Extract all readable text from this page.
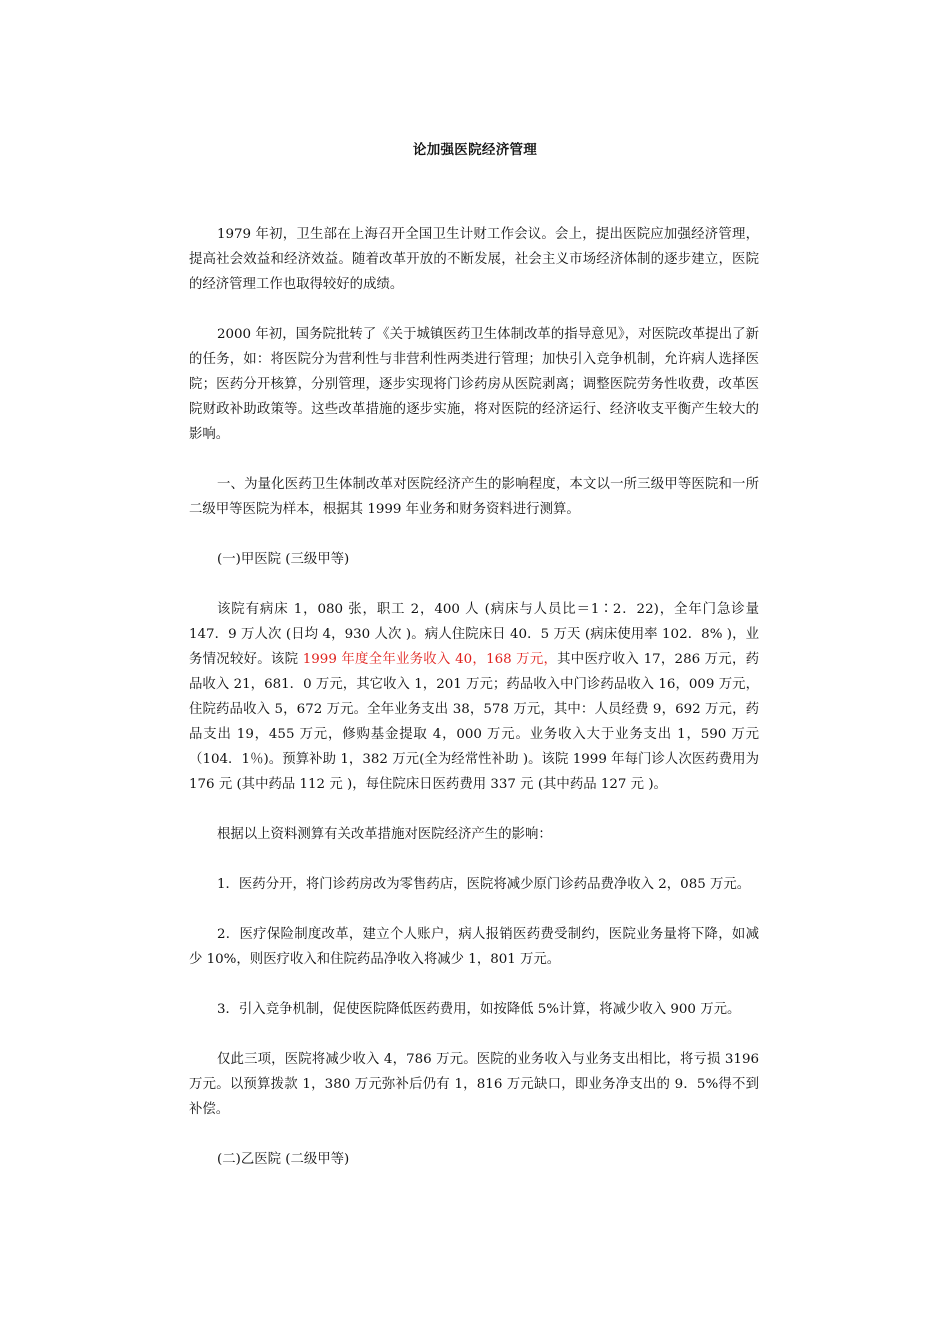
论加强医院经济管理

1979 年初，卫生部在上海召开全国卫生计财工作会议。会上，提出医院应加强经济管理，提高社会效益和经济效益。随着改革开放的不断发展，社会主义市场经济体制的逐步建立，医院的经济管理工作也取得较好的成绩。

2000 年初，国务院批转了《关于城镇医药卫生体制改革的指导意见》，对医院改革提出了新的任务，如：将医院分为营利性与非营利性两类进行管理；加快引入竞争机制，允许病人选择医院；医药分开核算，分别管理，逐步实现将门诊药房从医院剥离；调整医院劳务性收费，改革医院财政补助政策等。这些改革措施的逐步实施，将对医院的经济运行、经济收支平衡产生较大的影响。

一、为量化医药卫生体制改革对医院经济产生的影响程度，本文以一所三级甲等医院和一所二级甲等医院为样本，根据其 1999 年业务和财务资料进行测算。

(一)甲医院 (三级甲等)

该院有病床 1，080 张，职工 2，400 人 (病床与人员比＝1∶2．22)，全年门急诊量 147．9 万人次 (日均 4，930 人次 )。病人住院床日 40．5 万天 (病床使用率 102．8% )，业务情况较好。该院 1999 年度全年业务收入 40，168 万元，其中医疗收入 17，286 万元，药品收入 21，681．0 万元，其它收入 1，201 万元；药品收入中门诊药品收入 16，009 万元，住院药品收入 5，672 万元。全年业务支出 38，578 万元，其中：人员经费 9，692 万元，药品支出 19，455 万元，修购基金提取 4，000 万元。业务收入大于业务支出 1，590 万元（104．1％)。预算补助 1，382 万元(全为经常性补助 )。该院 1999 年每门诊人次医药费用为 176 元 (其中药品 112 元 )，每住院床日医药费用 337 元 (其中药品 127 元 )。

根据以上资料测算有关改革措施对医院经济产生的影响：

1．医药分开，将门诊药房改为零售药店，医院将减少原门诊药品费净收入 2，085 万元。

2．医疗保险制度改革，建立个人账户，病人报销医药费受制约，医院业务量将下降，如减少 10%，则医疗收入和住院药品净收入将减少 1，801 万元。

3．引入竞争机制，促使医院降低医药费用，如按降低 5%计算，将减少收入 900 万元。

仅此三项，医院将减少收入 4，786 万元。医院的业务收入与业务支出相比，将亏损 3196 万元。以预算拨款 1，380 万元弥补后仍有 1，816 万元缺口，即业务净支出的 9．5%得不到补偿。

(二)乙医院 (二级甲等)
